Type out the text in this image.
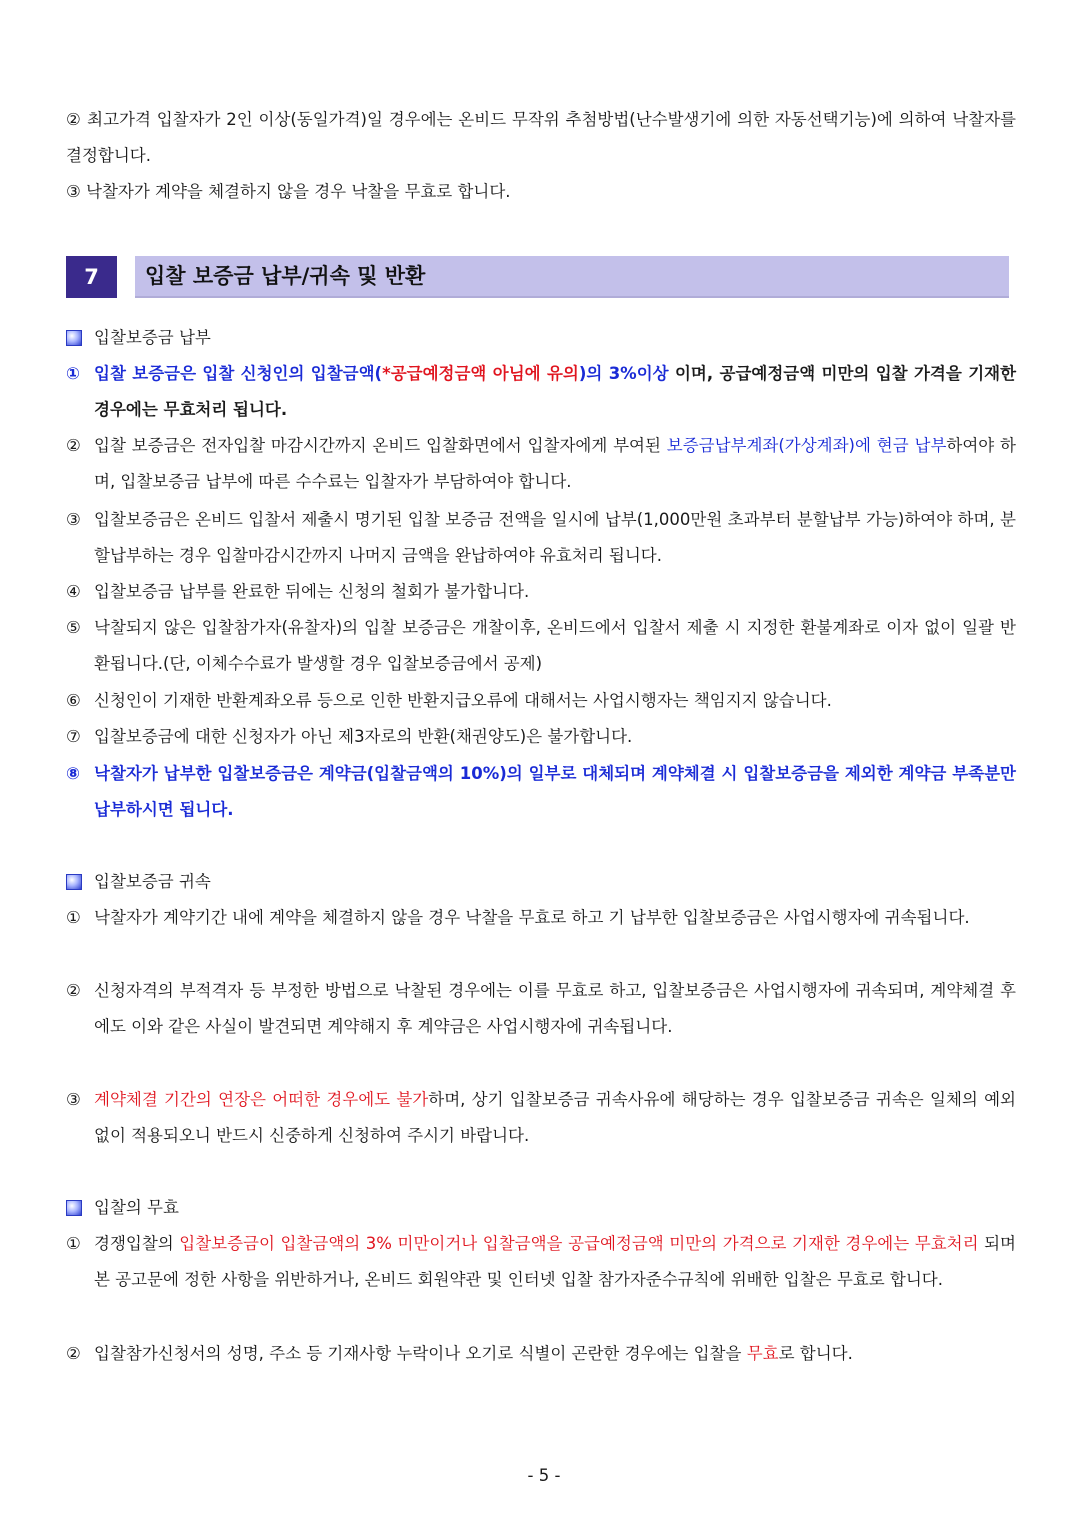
② 최고가격 입찰자가 2인 이상(동일가격)일 경우에는 온비드 무작위 추첨방법(난수발생기에 의한 자동선택기능)에 의하여 낙찰자를 결정합니다.
③ 낙찰자가 계약을 체결하지 않을 경우 낙찰을 무효로 합니다.
7	입찰 보증금 납부/귀속 및 반환
입찰보증금 납부
① 입찰 보증금은 입찰 신청인의 입찰금액(*공급예정금액 아님에 유의)의 3%이상 이며, 공급예정금액 미만의 입찰 가격을 기재한 경우에는 무효처리 됩니다.
② 입찰 보증금은 전자입찰 마감시간까지 온비드 입찰화면에서 입찰자에게 부여된 보증금납부계좌(가상계좌)에 현금 납부하여야 하며, 입찰보증금 납부에 따른 수수료는 입찰자가 부담하여야 합니다.
③ 입찰보증금은 온비드 입찰서 제출시 명기된 입찰 보증금 전액을 일시에 납부(1,000만원 초과부터 분할납부 가능)하여야 하며, 분할납부하는 경우 입찰마감시간까지 나머지 금액을 완납하여야 유효처리 됩니다.
④ 입찰보증금 납부를 완료한 뒤에는 신청의 철회가 불가합니다.
⑤ 낙찰되지 않은 입찰참가자(유찰자)의 입찰 보증금은 개찰이후, 온비드에서 입찰서 제출 시 지정한 환불계좌로 이자 없이 일괄 반환됩니다.(단, 이체수수료가 발생할 경우 입찰보증금에서 공제)
⑥ 신청인이 기재한 반환계좌오류 등으로 인한 반환지급오류에 대해서는 사업시행자는 책임지지 않습니다.
⑦ 입찰보증금에 대한 신청자가 아닌 제3자로의 반환(채권양도)은 불가합니다.
⑧ 낙찰자가 납부한 입찰보증금은 계약금(입찰금액의 10%)의 일부로 대체되며 계약체결 시 입찰보증금을 제외한 계약금 부족분만 납부하시면 됩니다.
입찰보증금 귀속
① 낙찰자가 계약기간 내에 계약을 체결하지 않을 경우 낙찰을 무효로 하고 기 납부한 입찰보증금은 사업시행자에 귀속됩니다.
② 신청자격의 부적격자 등 부정한 방법으로 낙찰된 경우에는 이를 무효로 하고, 입찰보증금은 사업시행자에 귀속되며, 계약체결 후에도 이와 같은 사실이 발견되면 계약해지 후 계약금은 사업시행자에 귀속됩니다.
③ 계약체결 기간의 연장은 어떠한 경우에도 불가하며, 상기 입찰보증금 귀속사유에 해당하는 경우 입찰보증금 귀속은 일체의 예외 없이 적용되오니 반드시 신중하게 신청하여 주시기 바랍니다.
입찰의 무효
① 경쟁입찰의 입찰보증금이 입찰금액의 3% 미만이거나 입찰금액을 공급예정금액 미만의 가격으로 기재한 경우에는 무효처리 되며 본 공고문에 정한 사항을 위반하거나, 온비드 회원약관 및 인터넷 입찰 참가자준수규칙에 위배한 입찰은 무효로 합니다.
② 입찰참가신청서의 성명, 주소 등 기재사항 누락이나 오기로 식별이 곤란한 경우에는 입찰을 무효로 합니다.
- 5 -
